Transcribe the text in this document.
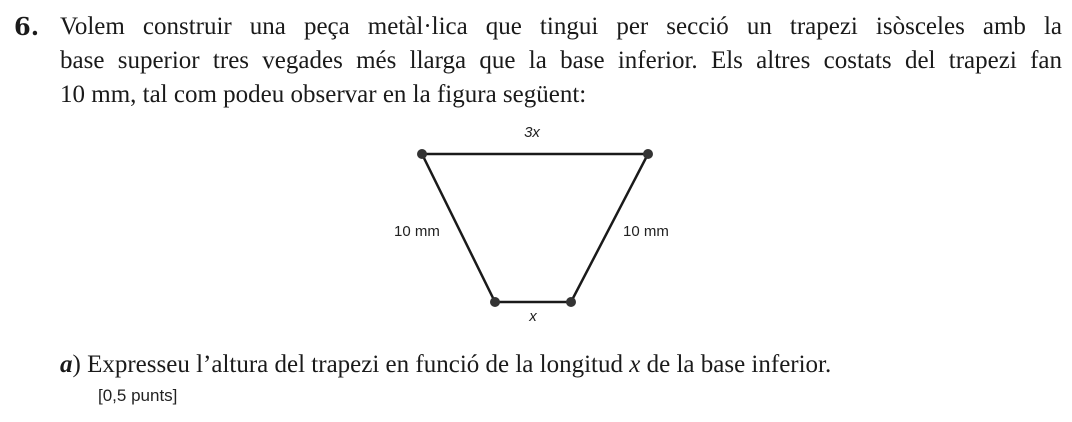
6. Volem construir una peça metàl·lica que tingui per secció un trapezi isòsceles amb la
base superior tres vegades més llarga que la base inferior. Els altres costats del trapezi fan
10 mm, tal com podeu observar en la figura següent:
3x
10 mm	10 mm
x
a) Expresseu l’altura del trapezi en funció de la longitud x de la base inferior.
[0,5 punts]
